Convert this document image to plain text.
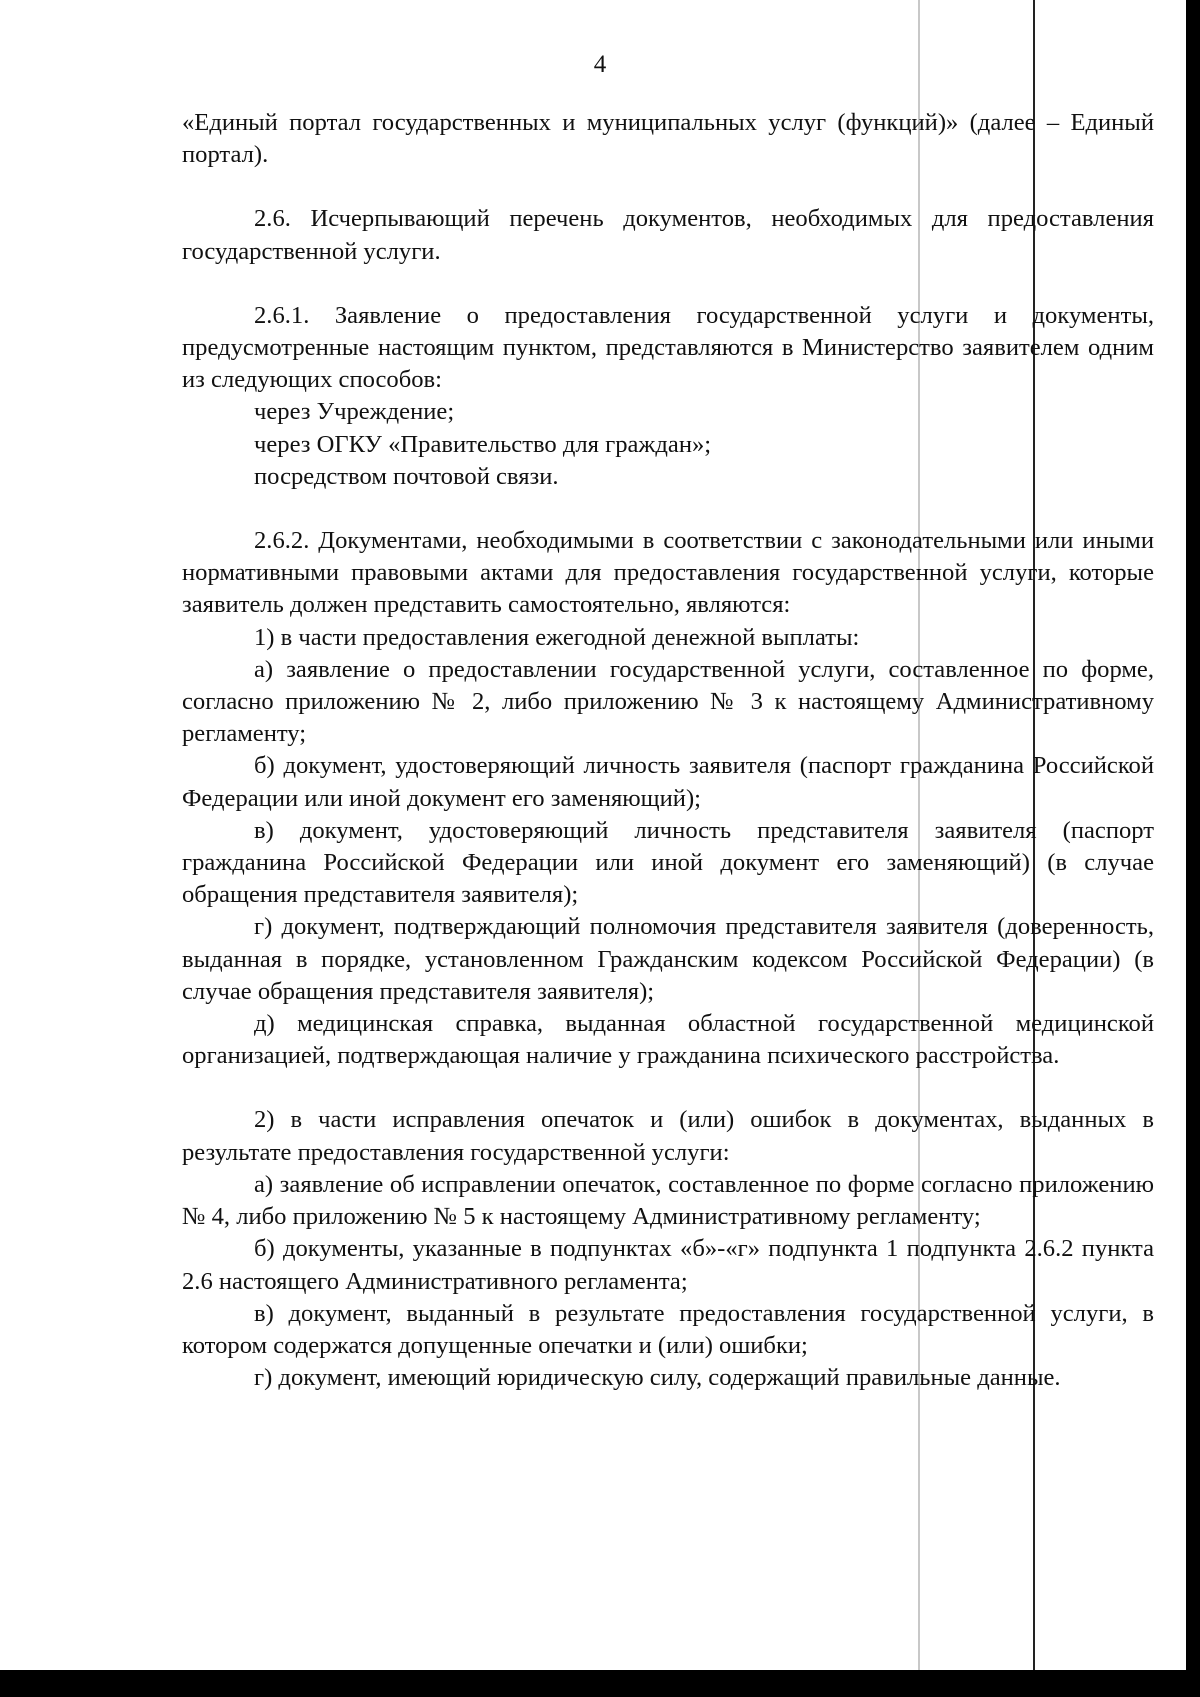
4

«Единый портал государственных и муниципальных услуг (функций)» (далее – Единый портал).

2.6. Исчерпывающий перечень документов, необходимых для предоставления государственной услуги.

2.6.1. Заявление о предоставления государственной услуги и документы, предусмотренные настоящим пунктом, представляются в Министерство заявителем одним из следующих способов:

через Учреждение;

через ОГКУ «Правительство для граждан»;

посредством почтовой связи.

2.6.2. Документами, необходимыми в соответствии с законодательными или иными нормативными правовыми актами для предоставления государственной услуги, которые заявитель должен представить самостоятельно, являются:

1) в части предоставления ежегодной денежной выплаты:

а) заявление о предоставлении государственной услуги, составленное по форме, согласно приложению № 2, либо приложению № 3 к настоящему Административному регламенту;

б) документ, удостоверяющий личность заявителя (паспорт гражданина Российской Федерации или иной документ его заменяющий);

в) документ, удостоверяющий личность представителя заявителя (паспорт гражданина Российской Федерации или иной документ его заменяющий) (в случае обращения представителя заявителя);

г) документ, подтверждающий полномочия представителя заявителя (доверенность, выданная в порядке, установленном Гражданским кодексом Российской Федерации) (в случае обращения представителя заявителя);

д) медицинская справка, выданная областной государственной медицинской организацией, подтверждающая наличие у гражданина психического расстройства.

2) в части исправления опечаток и (или) ошибок в документах, выданных в результате предоставления государственной услуги:

а) заявление об исправлении опечаток, составленное по форме согласно приложению № 4, либо приложению № 5 к настоящему Административному регламенту;

б) документы, указанные в подпунктах «б»-«г» подпункта 1 подпункта 2.6.2 пункта 2.6 настоящего Административного регламента;

в) документ, выданный в результате предоставления государственной услуги, в котором содержатся допущенные опечатки и (или) ошибки;

г) документ, имеющий юридическую силу, содержащий правильные данные.
